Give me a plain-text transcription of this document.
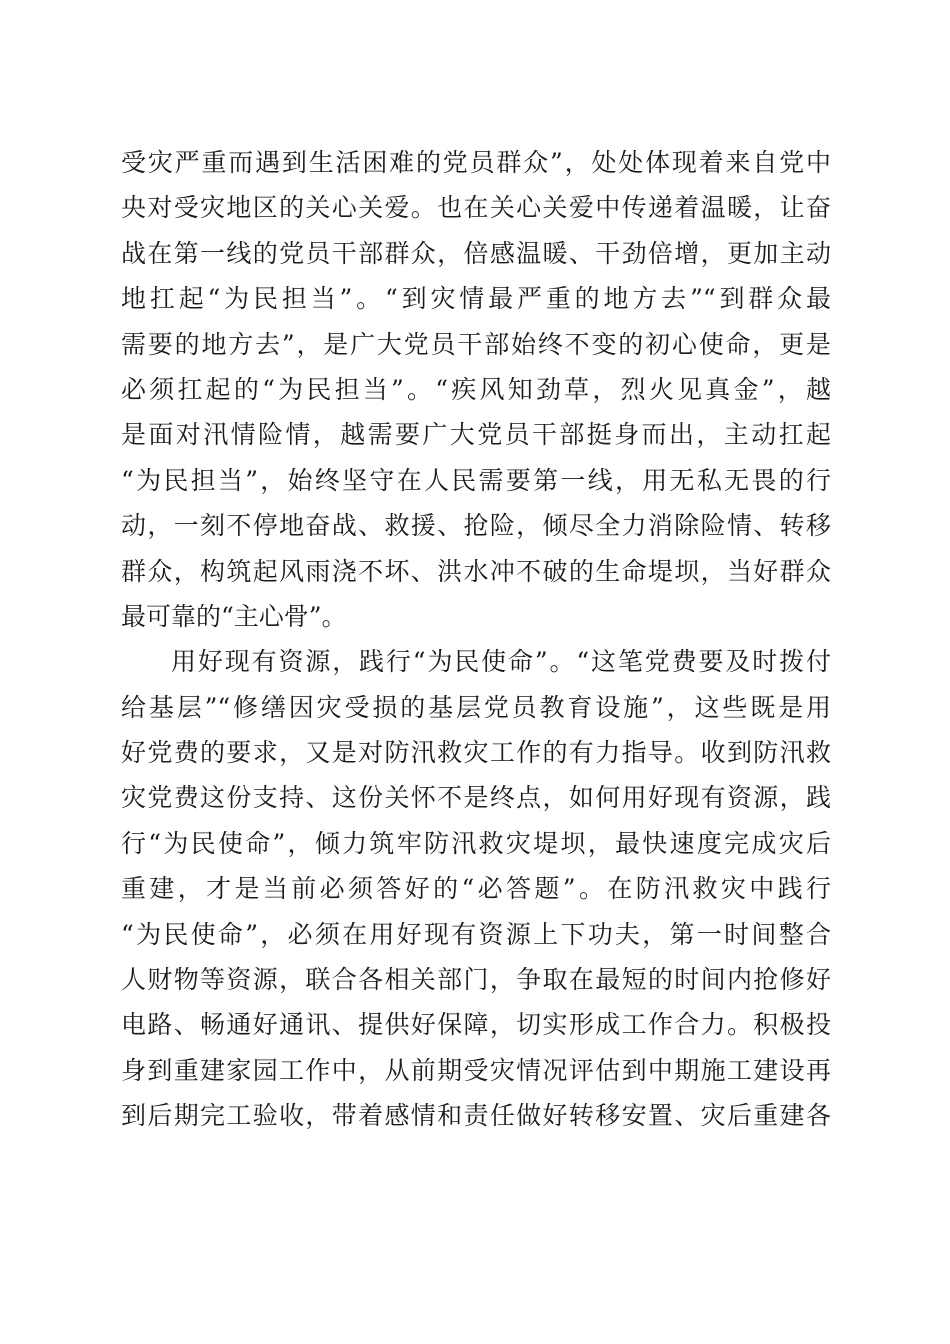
受灾严重而遇到生活困难的党员群众”，处处体现着来自党中
央对受灾地区的关心关爱。也在关心关爱中传递着温暖，让奋
战在第一线的党员干部群众，倍感温暖、干劲倍增，更加主动
地扛起“为民担当”。“到灾情最严重的地方去”“到群众最
需要的地方去”，是广大党员干部始终不变的初心使命，更是
必须扛起的“为民担当”。“疾风知劲草，烈火见真金”，越
是面对汛情险情，越需要广大党员干部挺身而出，主动扛起
“为民担当”，始终坚守在人民需要第一线，用无私无畏的行
动，一刻不停地奋战、救援、抢险，倾尽全力消除险情、转移
群众，构筑起风雨浇不坏、洪水冲不破的生命堤坝，当好群众
最可靠的“主心骨”。
用好现有资源，践行“为民使命”。“这笔党费要及时拨付
给基层”“修缮因灾受损的基层党员教育设施”，这些既是用
好党费的要求，又是对防汛救灾工作的有力指导。收到防汛救
灾党费这份支持、这份关怀不是终点，如何用好现有资源，践
行“为民使命”，倾力筑牢防汛救灾堤坝，最快速度完成灾后
重建，才是当前必须答好的“必答题”。在防汛救灾中践行
“为民使命”，必须在用好现有资源上下功夫，第一时间整合
人财物等资源，联合各相关部门，争取在最短的时间内抢修好
电路、畅通好通讯、提供好保障，切实形成工作合力。积极投
身到重建家园工作中，从前期受灾情况评估到中期施工建设再
到后期完工验收，带着感情和责任做好转移安置、灾后重建各
